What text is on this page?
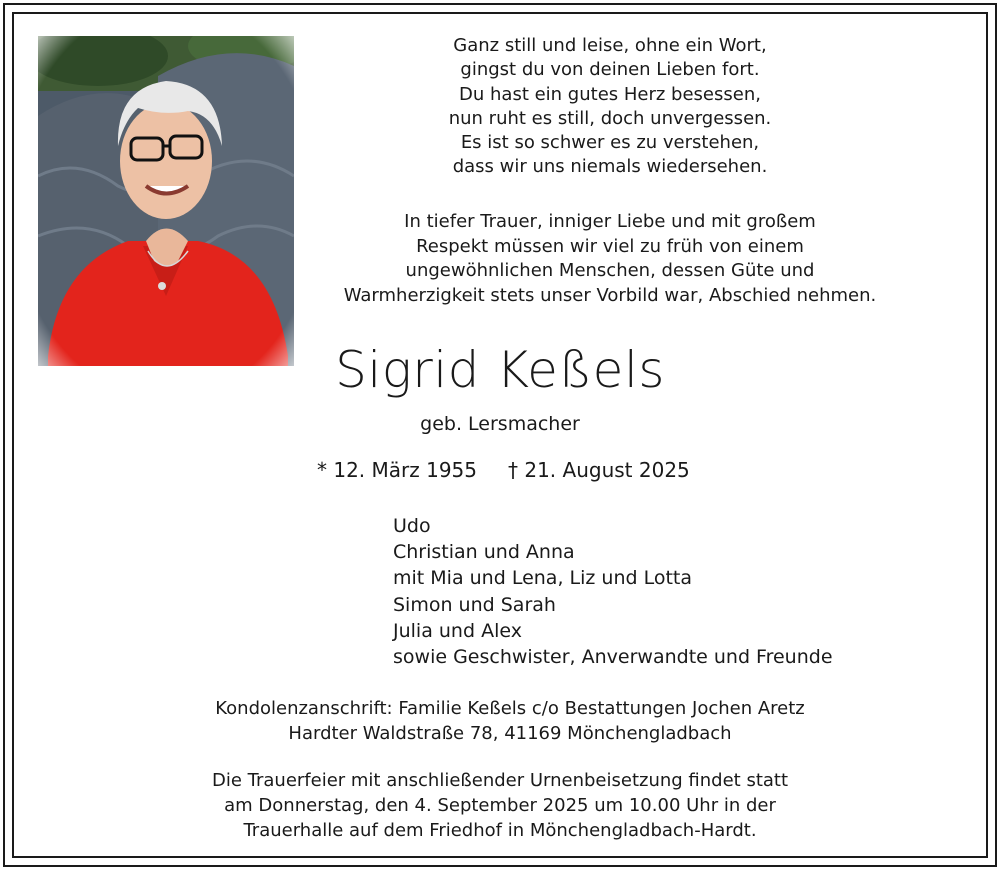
Ganz still und leise, ohne ein Wort,
gingst du von deinen Lieben fort.
Du hast ein gutes Herz besessen,
nun ruht es still, doch unvergessen.
Es ist so schwer es zu verstehen,
dass wir uns niemals wiedersehen.
In tiefer Trauer, inniger Liebe und mit großem
Respekt müssen wir viel zu früh von einem
ungewöhnlichen Menschen, dessen Güte und
Warmherzigkeit stets unser Vorbild war, Abschied nehmen.
Sigrid Keßels
geb. Lersmacher
* 12. März 1955 † 21. August 2025
Udo
Christian und Anna
mit Mia und Lena, Liz und Lotta
Simon und Sarah
Julia und Alex
sowie Geschwister, Anverwandte und Freunde
Kondolenzanschrift: Familie Keßels c/o Bestattungen Jochen Aretz
Hardter Waldstraße 78, 41169 Mönchengladbach
Die Trauerfeier mit anschließender Urnenbeisetzung findet statt
am Donnerstag, den 4. September 2025 um 10.00 Uhr in der
Trauerhalle auf dem Friedhof in Mönchengladbach-Hardt.
